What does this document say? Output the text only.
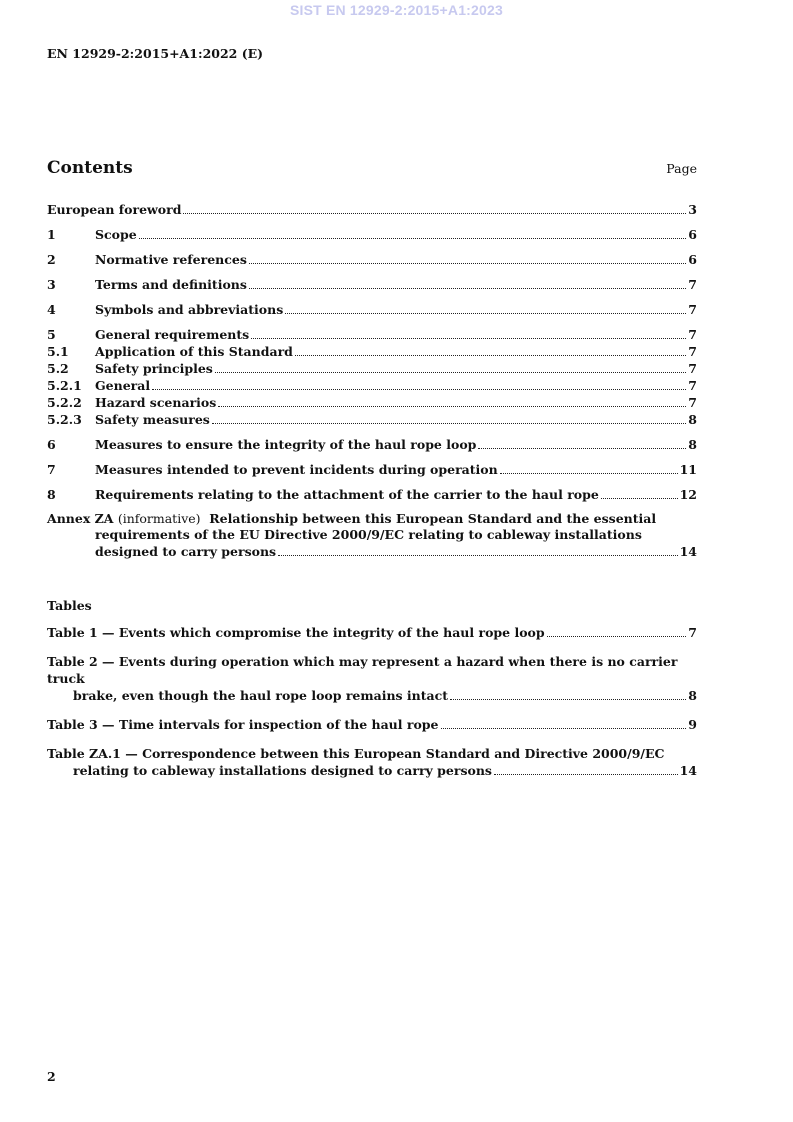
SIST EN 12929-2:2015+A1:2023
EN 12929-2:2015+A1:2022 (E)
Contents	Page
European foreword	3
1	Scope	6
2	Normative references	6
3	Terms and definitions	7
4	Symbols and abbreviations	7
5	General requirements	7
5.1	Application of this Standard	7
5.2	Safety principles	7
5.2.1	General	7
5.2.2	Hazard scenarios	7
5.2.3	Safety measures	8
6	Measures to ensure the integrity of the haul rope loop	8
7	Measures intended to prevent incidents during operation	11
8	Requirements relating to the attachment of the carrier to the haul rope	12
Annex ZA (informative) Relationship between this European Standard and the essential
requirements of the EU Directive 2000/9/EC relating to cableway installations
designed to carry persons	14
Tables
Table 1 — Events which compromise the integrity of the haul rope loop	7
Table 2 — Events during operation which may represent a hazard when there is no carrier truck
brake, even though the haul rope loop remains intact	8
Table 3 — Time intervals for inspection of the haul rope	9
Table ZA.1 — Correspondence between this European Standard and Directive 2000/9/EC
relating to cableway installations designed to carry persons	14
2
